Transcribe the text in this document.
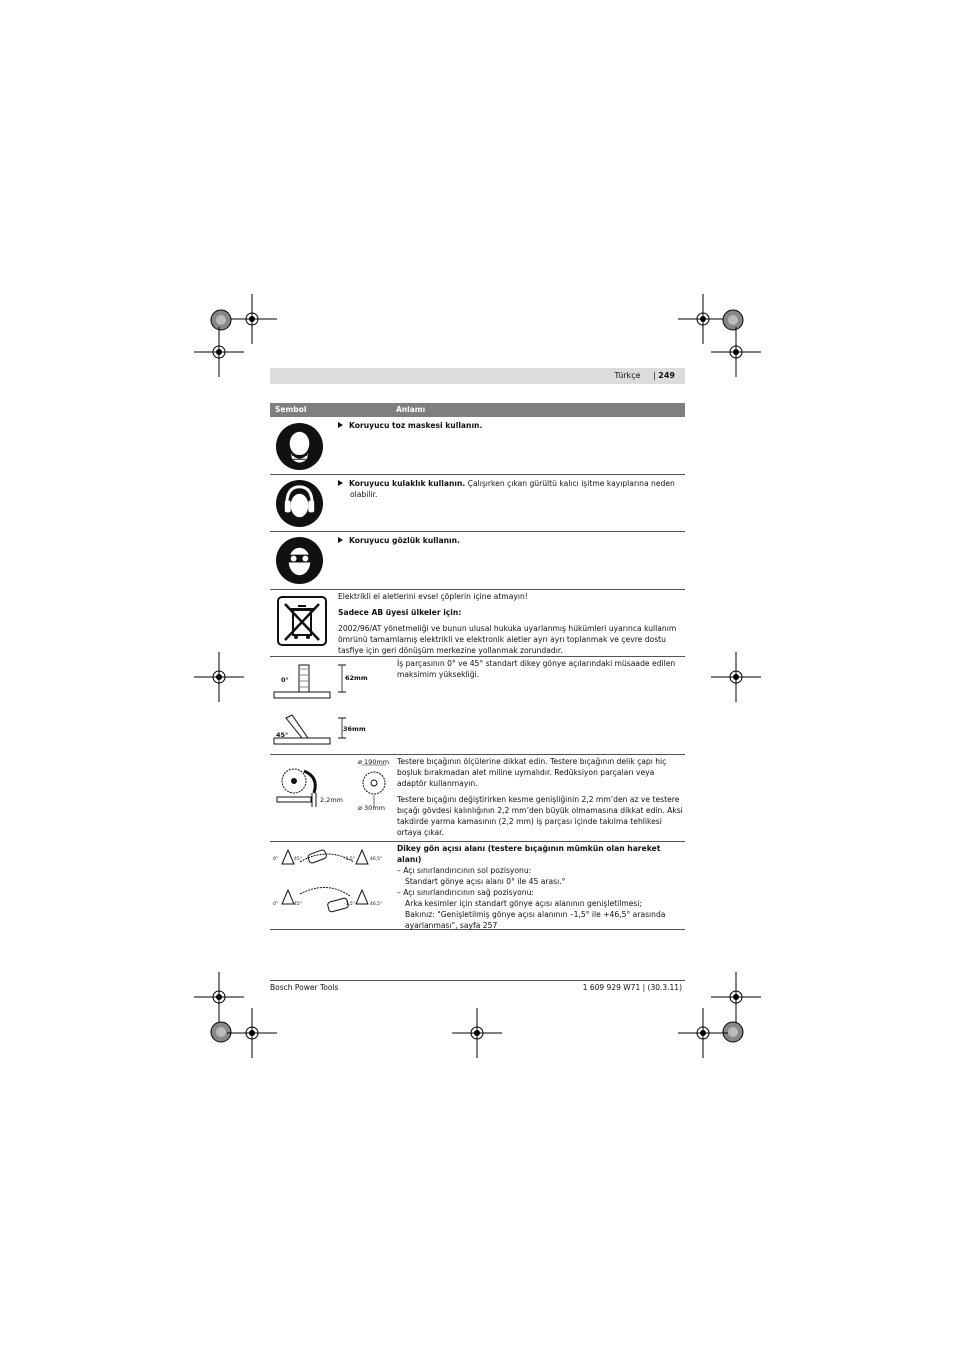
Türkçe | 249
Sembol	Anlamı
Koruyucu toz maskesi kullanın.
Koruyucu kulaklık kullanın. Çalışırken çıkan gürültü kalıcı işitme kayıplarına neden olabilir.
Koruyucu gözlük kullanın.

Elektrikli el aletlerini evsel çöplerin içine atmayın!

Sadece AB üyesi ülkeler için:

2002/96/AT yönetmeliği ve bunun ulusal hukuka uyarlanmış hükümleri uyarınca kullanım ömrünü tamamlamış elektrikli ve elektronik aletler ayrı ayrı toplanmak ve çevre dostu tasfiye için geri dönüşüm merkezine yollanmak zorundadır.

0°	62mm
45°
36mm
İş parçasının 0° ve 45° standart dikey gönye açılarındaki müsaade edilen maksimim yüksekliği.
ø 190mm
ø 30mm
2,2mm

Testere bıçağının ölçülerine dikkat edin. Testere bıçağının delik çapı hiç boşluk bırakmadan alet miline uymalıdır. Redüksiyon parçaları veya adaptör kullanmayın.

Testere bıçağını değiştirirken kesme genişliğinin 2,2 mm’den az ve testere bıçağı gövdesi kalınlığının 2,2 mm’den büyük olmamasına dikkat edin. Aksi takdirde yarma kamasının (2,2 mm) iş parçası içinde takılma tehlikesi ortaya çıkar.

0°	45°	-1,5°	46,5°
0°	45°	-1,5°	46,5°
Dikey gön açısı alanı (testere bıçağının mümkün olan hareket alanı)
– Açı sınırlandırıcının sol pozisyonu:
Standart gönye açısı alanı 0° ile 45 arası.°
– Açı sınırlandırıcının sağ pozisyonu:
Arka kesimler için standart gönye açısı alanının genişletilmesi;
Bakınız: "Genişletilmiş gönye açısı alanının –1,5° ile +46,5° arasında ayarlanması", sayfa 257
Bosch Power Tools	1 609 929 W71 | (30.3.11)
